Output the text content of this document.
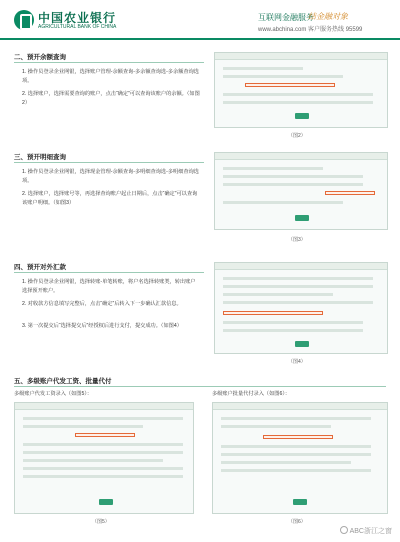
中国农业银行
AGRICULTURAL BANK OF CHINA
互联网金融服务
结金融对象
www.abchina.com 客户服务热线 95599
二、预开余额查询
1. 操作员登录企业网银，选择账户管理-余额查询-多余额查询选-多余额查询选项。
2. 选择账户，选择需要查询的账户，点击“确定”可以查询该账户的余额。（如图2）
（图2）
三、预开明细查询
1. 操作员登录企业网银，选择现金管理-余额查询-多明细查询选-多明细查询选项。
2. 选择账户，选择账号等，再选择查询账户起止日期后，点击“确定”可以查询该账户明细。（如图3）
（图3）
四、预开对外汇款
1. 操作员登录企业网银，选择转账-单笔转账，将户名选择转账类，转出账户选择预开账户。
2. 对收款方信息填写完整后，点击“确定”后转入下一步确认汇款信息。
3. 第一次提交后“选择提交后”经授权后进行支付，提交成功。（如图4）
（图4）
五、多级账户代发工资、批量代付
多级账户代发工资录入（如图5）：	多级账户批量代付录入（如图6）：
（图5）	（图6）
ABC浙江之窗
